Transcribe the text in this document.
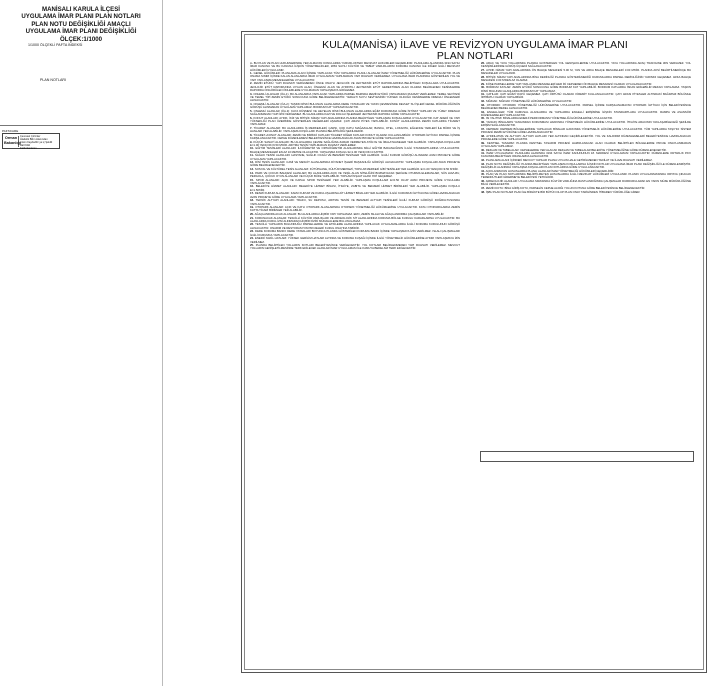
MANİSALI KARULA İLÇESİ
UYGULAMA İMAR PLANI PLAN NOTLARI
PLAN NOTU DEĞİŞİKLİĞİ AMAÇLI
UYGULAMA İMAR PLANI DEĞİŞİKLİĞİ
ÖLÇEK:1/1000
1/1000 ÖLÇEKLİ PAFTA İNDEKSİ
PLAN NOTLARI
PAFTA/ARE
Orman Bakanlığı
Çevresel Çizimler
Aladelik Bilim Alanından
Cisim Kaydedilir ya iç Şekilli
Bal Kilidi
Kaldırılanlarım
KULA(MANİSA) İLAVE VE REVİZYON UYGULAMA İMAR PLANI
PLAN NOTLARI

A- BU PLAN VE PLAN HÜKÜMLERİNDE YER ALMAYAN KONULARDA YÜRÜRLÜKTEKİ MEVZUAT HÜKÜMLERİ GEÇERLİDİR. PLANLAMA ALANINDA 3194 SAYILI İMAR KANUNU VE BU KANUNA İLİŞKİN YÖNETMELİKLER, 2863 SAYILI KÜLTÜR VE TABİAT VARLIKLARINI KORUMA KANUNU İLE DİĞER İLGİLİ MEVZUAT HÜKÜMLERİ UYGULANIR.

1- GENEL HÜKÜMLER: PLANLAMA ALANI İÇİNDE YAPILACAK TÜM YAPILARDA PLANLI ALANLAR İMAR YÖNETMELİĞİ HÜKÜMLERİNE UYULACAKTIR. PLAN ONAMA SINIRI İÇİNDE KALAN ALANLARDA İMAR UYGULAMASI YAPILMADAN YAPI RUHSATI VERİLEMEZ. UYGULAMA İMAR PLANINDA GÖSTERİLEN YOL VE YAPI YAKLAŞMA MESAFELERİNE UYULACAKTIR.

2- ZEMİN ETÜDÜ: YAPI RUHSATI VERİLMEDEN ÖNCE ONAYLI JEOLOJİK VE JEOTEKNİK ETÜT RAPORLARINDA BELİRTİLEN KOŞULLARA UYULACAKTIR. JEOLOJİK ETÜT RAPORUNDA UYGUN ALAN, ÖNLEMLİ ALAN VE AYRINTILI JEOTEKNİK ETÜT GEREKTİREN ALAN OLARAK BELİRLENEN KESİMLERDE RAPORDA ÖNGÖRÜLEN ÖNLEMLERE UYULMADAN YAPILAŞMAYA GİDİLEMEZ.

3- ONLEMLİ ALANLAR (ÖA-1): BU ALANLARDA YAPILACAK YAPILARDA PARSEL BAZINDA ZEMİN ETÜDÜ YAPILMADAN RUHSAT VERİLEMEZ. TEMEL SEVİYESİ VE TEMEL TİPİ ZEMİN ETÜDÜ SONUCUNA GÖRE BELİRLENECEKTİR. YERALTI SUYU SEVİYESİNİN YÜKSEK OLDUĞU KESİMLERDE DRENAJ ÖNLEMLERİ ALINACAKTIR.

4- ONLEMLİ ALANLAR (ÖA-2): TAŞKIN RİSKİ BULUNAN ALANLARDA DERE YATAKLARI VE YAKIN ÇEVRESİNDE DEVLET SU İŞLERİ GENEL MÜDÜRLÜĞÜNÜN GÖRÜŞÜ ALINMADAN UYGULAMA YAPILAMAZ. BODRUM KAT YAPILMAYACAKTIR.

5- ONLEMLİ ALANLAR (ÖA-3): KAYA DÜŞMESİ VE HEYELAN RİSKİ BULUNAN ALANLARDA EĞİM DURUMUNA GÖRE İSTİNAT YAPILARI VE YÜZEY DRENAJI SAĞLANMADAN YAPI İZNİ VERİLEMEZ. BU ALANLARDA KAZI VE DOLGU İŞLEMLERİ JEOTEKNİK RAPORA GÖRE YAPILACAKTIR.

6- KONUT ALANLARI: AYRIK, İKİZ VE BİTİŞİK NİZAM YAPI ADALARINDA PLANDA BELİRTİLEN YAPILAŞMA KOŞULLARINA UYULACAKTIR. KAT ADEDİ VE YAPI YÜKSEKLİĞİ PLAN ÜZERİNDE GÖSTERİLEN DEĞERLERİ AŞAMAZ. ÇATI ARASI PİYES YAPILABİLİR. KONUT ALANLARINDA ZEMİN KATLARDA TİCARET YAPILAMAZ.

7- TİCARET ALANLARI: BU ALANLARDA İŞ MERKEZLERİ, ÇARŞI, ÇOK KATLI MAĞAZALAR, BANKA, OTEL, LOKANTA, EĞLENCE YERLERİ İLE BÜRO VE İŞ HANLARI YER ALABİLİR. YAPILAŞMA KOŞULLARI PLANDA BELİRTİLDİĞİ ŞEKİLDEDİR.

8- TİCARET+KONUT ALANLARI: ZEMİN VE BİRİNCİ KATLARI TİCARET DİĞER KATLARI KONUT OLARAK KULLANILABİLİR. OTOPARK İHTİYACI PARSEL İÇİNDE KARŞILANACAKTIR. CEPHE DÜZENLEMESİ BELEDİYESİNCE HAZIRLANACAK AVAN PROJEYE GÖRE YAPILACAKTIR.

9- KÜÇÜK SANAYİ ALANLARI: BU ALANLARDA ÇEVRE SAĞLIĞINA ZARAR VERMEYEN ATÖLYE VE İMALATHANELER YER ALABİLİR. YAPILAŞMA KOŞULLARI E=1.00 YENÇOK=9.50 M'DİR. ARITMA TESİSİ YAPILMADAN RUHSAT VERİLEMEZ.

10- EĞİTİM TESİSLERİ ALANLARI: İLKÖĞRETİM VE ORTAÖĞRETİM ALANLARINDA MİLLİ EĞİTİM BAKANLIĞININ İLGİLİ STANDARTLARINA UYULACAKTIR. BAHÇE MESAFELERİ EN AZ 10 METRE OLACAKTIR. YAPILAŞMA KOŞULU E=1.00 YENÇOK=4 KATTIR.

11- SAĞLIK TESİSİ ALANLARI: HASTANE, SAĞLIK OCAĞI VE BENZERİ TESİSLER YER ALABİLİR. İLGİLİ KURUM GÖRÜŞÜ ALINARAK AVAN PROJEYE GÖRE UYGULAMA YAPILACAKTIR.

12- DİNİ TESİS ALANLARI: CAMİ VE MESCİT ALANLARINDA DİYANET İŞLERİ BAŞKANLIĞI GÖRÜŞÜ ALINACAKTIR. YAPILAŞMA KOŞULLARI AVAN PROJEYE GÖRE BELİRLENECEKTİR.

13- SOSYAL VE KÜLTÜREL TESİS ALANLARI: KÜTÜPHANE, KÜLTÜR MERKEZİ, TOPLUM MERKEZİ GİBİ TESİSLER YER ALABİLİR. E=1.00 YENÇOK=9.50 M'DİR.

14- PARK VE ÇOCUK BAHÇESİ ALANLARI: BU ALANLARDA AÇIK VE YEŞİL ALAN NİTELİĞİNİ BOZMAYACAK ŞEKİLDE OTURMA ELEMANLARI, SÜS HAVUZU, PERGOLA, ÇOCUK OYUN ALANLARI VE KÜÇÜK BÜFE YAPILABİLİR. TOPLAM İNŞAAT ALANI %5'İ GEÇEMEZ.

15- SPOR ALANLARI: AÇIK VE KAPALI SPOR TESİSLERİ YER ALABİLİR. YAPILAŞMA KOŞULLARI E=0.50 OLUP AVAN PROJEYE GÖRE UYGULAMA YAPILACAKTIR.

16- BELEDİYE HİZMET ALANLARI: BELEDİYE HİZMET BİNASI, İTFAİYE, ZABITA VE BENZERİ HİZMET BİRİMLERİ YER ALABİLİR. YAPILAŞMA KOŞULU E=1.50'DİR.

17- RESMİ KURUM ALANLARI: KAMU KURUM VE KURULUŞLARINA AİT HİZMET BİNALARI YER ALABİLİR. İLGİLİ KURUMUN İHTİYACINA GÖRE HAZIRLANACAK AVAN PROJEYE GÖRE UYGULAMA YAPILACAKTIR.

18- TEKNİK ALTYAPI ALANLARI: TRAFO, SU DEPOSU, ARITMA TESİSİ VE BENZERİ ALTYAPI TESİSLERİ İLGİLİ KURUM GÖRÜŞÜ DOĞRULTUSUNDA YAPILACAKTIR.

19- OTOPARK ALANLARI: AÇIK VE KATLI OTOPARK ALANLARINDA OTOPARK YÖNETMELİĞİ HÜKÜMLERİNE UYULACAKTIR. KATLI OTOPARKLARDA ZEMİN KATTA TİCARİ BİRİMLER YER ALABİLİR.

20- AĞAÇLANDIRILACAK ALANLAR: BU ALANLARDA HİÇBİR YAPI YAPILAMAZ. ERO, ZEMİN ISLAHI VE AĞAÇLANDIRMA ÇALIŞMALARI YAPILABİLİR.

21- KORUNACAK ALANLAR: TESCİLLİ KÜLTÜR VARLIKLARI VE ARKEOLOJİK SİT ALANLARINDA KORUMA BÖLGE KURULU KARARLARINA UYULACAKTIR. BU ALANLARDA KURUL İZNİ ALINMADAN HİÇBİR FİZİKİ MÜDAHALEDE BULUNULAMAZ.

22- TESCİLLİ YAPILARIN BULUNDUĞU PARSELLERDE VE ETKİLEME ALANLARINDA YAPILACAK UYGULAMALARDA İLGİLİ KORUMA KURULUNUN GÖRÜŞÜ ALINACAKTIR. ONARIM VE RESTORASYON PROJELERİ KURUL ONAYINA TABİDİR.

23- DERE KORUMA BANDI: DERE YATAKLARI BOYUNCA PLANDA GÖSTERİLEN KORUMA BANDI İÇİNDE YAPILAŞMAYA İZİN VERİLMEZ. ISLAH ÇALIŞMALARI İLGİLİ KURUMCA YAPILACAKTIR.

24- ENERJİ NAKİL HATLARI: YÜKSEK GERİLİM HATLARI ALTINDA VE KORUMA KUŞAĞI İÇİNDE İLGİLİ YÖNETMELİK HÜKÜMLERİNE AYKIRI YAPILAŞMAYA İZİN VERİLMEZ.

25- PLANDA BELİRTİLEN YOLLARIN KOTLARI BELEDİYESİNCE VERİLECEKTİR. YOL KOTLARI BELİRLENMEDEN YAPI RUHSATI VERİLEMEZ. MEVCUT YOLLARIN GENİŞLETİLMESİNDE TERK EDİLECEK ALANLAR İMAR UYGULAMASI İLE KAMUYA BEDELSİZ TERK EDİLECEKTİR.

26- ARAÇ VE YAYA YOLLARINDA PLANDA GÖSTERİLEN YOL GENİŞLİKLERİNE UYULACAKTIR. YAYA YOLLARINDA ARAÇ TRAFİĞİNE İZİN VERİLMEZ. YOL KESİŞİMLERİNDE GÖRÜŞ ÜÇGENİ SAĞLANACAKTIR.

27- AYRIK NİZAM YAPI ADALARINDA ÖN BAHÇE MESAFESİ 5.00 M, YAN VE ARKA BAHÇE MESAFELERİ 3.00 M'DİR. PLANDA AKSİ BELİRTİLMEDİKÇE BU MESAFELER UYGULANIR.

28- BİTİŞİK NİZAM YAPI ADALARINDA BİNA DERİNLİĞİ PLANDA GÖSTERİLMEDİĞİ DURUMLARDA PARSEL DERİNLİĞİNİN YARISINI GEÇEMEZ. ARKA BAHÇE MESAFESİ 3.00 M'DEN AZ OLAMAZ.

29- KÖŞE PARSELLERDE YAPI YAKLAŞMA MESAFELERİ HER İKİ CEPHEDEN ÖN BAHÇE MESAFESİ OLARAK UYGULANACAKTIR.

30- BODRUM KATLAR: ZEMİN ETÜDÜ SONUCUNA GÖRE BODRUM KAT YAPILABİLİR. BODRUM KATLARDA İSKAN EDİLEBİLİR MEKAN YAPILAMAZ. TAŞKIN RİSKİ BULUNAN ALANLARDA BODRUM KAT YAPILAMAZ.

31- ÇATILAR: ÇATI EĞİMİ %33'Ü GEÇEMEZ. ÇATI ÖRTÜSÜ OLARAK KİREMİT KULLANILACAKTIR. ÇATI ARASI PİYESLER ALTINDAKİ BAĞIMSIZ BÖLÜMLE İRTİBATLI OLARAK YAPILABİLİR.

32- SIĞINAK: SIĞINAK YÖNETMELİĞİ HÜKÜMLERİNE UYULACAKTIR.

33- OTOPARK: OTOPARK YÖNETMELİĞİ HÜKÜMLERİNE UYULACAKTIR. PARSEL İÇİNDE KARŞILANAMAYAN OTOPARK İHTİYACI İÇİN BELEDİYESİNCE BELİRLENEN BEDEL ALINACAKTIR.

34- ENGELLİLER: TÜM KAMUSAL ALANLARDA VE YAPILARDA ENGELLİ ERİŞİMİNE İLİŞKİN STANDARTLARA UYULACAKTIR. RAMPA VE ASANSÖR DÜZENLEMELERİ YAPILACAKTIR.

35- ISI YALITIMI: BİNALARDA ENERJİ PERFORMANSI YÖNETMELİĞİ HÜKÜMLERİNE UYULACAKTIR.

36- YANGIN: BİNALARIN YANGINDAN KORUNMASI HAKKINDA YÖNETMELİK HÜKÜMLERİNE UYULACAKTIR. İTFAİYE ARACININ YAKLAŞABİLECEĞİ ŞEKİLDE ERİŞİM SAĞLANACAKTIR.

37- DEPREM: DEPREM BÖLGELERİNDE YAPILACAK BİNALAR HAKKINDA YÖNETMELİK HÜKÜMLERİNE UYULACAKTIR. TÜM YAPILARDA TAŞIYICI SİSTEM PROJESİ ZEMİN ETÜDÜNE GÖRE HAZIRLANACAKTIR.

38- AYDINLATMA VE ALTYAPI: ALTYAPI HATLARI YER ALTINDAN GEÇİRİLECEKTİR. YOL VE KALDIRIM DÜZENLEMELERİ BELEDİYESİNCE HAZIRLANACAK PROJELERE GÖRE YAPILACAKTIR.

39- KENTSEL TASARIM: PLANDA KENTSEL TASARIM PROJESİ HAZIRLANACAK ALAN OLARAK BELİRTİLEN BÖLGELERDE PROJE ONAYLANMADAN UYGULAMA YAPILAMAZ.

40- REKLAM VE TABELALAR: CEPHELERDE YER ALACAK REKLAM VE TABELALAR BELEDİYE YÖNETMELİĞİNE GÖRE DÜZENLENECEKTİR.

41- İMAR UYGULAMASI: PLANLAMA ALANINDA 3194 SAYILI İMAR KANUNUNUN 18. MADDESİ UYGULAMASI YAPILACAKTIR. DÜZENLEME ORTAKLIK PAYI KANUNDA BELİRTİLEN ORANLARDA ALINACAKTIR.

42- PLANLAMA ALANI İÇİNDEKİ MEVCUT YAPILAR PLANA UYGUN HALE GETİRİLMEDEN TADİLAT VE İLAVE RUHSATI VERİLEMEZ.

43- PLAN NOTU DEĞİŞİKLİĞİ: PLANDA BELİRTİLEN YAPILAŞMA KOŞULLARINA İLİŞKİN NOTLAR UYGULAMA İMAR PLANI DEĞİŞİKLİĞİ İLE DÜZENLENMİŞTİR. DEĞİŞİKLİK ALANINDA YAPILAŞMA KOŞULLARI PLAN NOTLARINA GÖRE UYGULANACAKTIR.

44- AÇIKLANMAYAN HUSUSLARDA PLANLI ALANLAR İMAR YÖNETMELİĞİ HÜKÜMLERİ GEÇERLİDİR.

45- PLAN VE PLAN NOTLARINDA BELİRTİLMEYEN HUSUSLARDA İLGİLİ MEVZUAT HÜKÜMLERİ UYGULANIR. PLANIN UYGULANMASINDA ORTAYA ÇIKACAK TEREDDÜTLERİ GİDERMEYE BELEDİYESİ YETKİLİDİR.

46- ARKEOLOJİK ALANLAR: UYGULAMA SIRASINDA KÜLTÜR VARLIĞINA RASTLANDIĞINDA ÇALIŞMALAR DURDURULARAK EN YAKIN MÜZE MÜDÜRLÜĞÜNE BİLGİ VERİLECEKTİR.

47- ZEMİN KOTU: BİNA GİRİŞ KOTU, PARSELİN CEPHE ALDIĞI YOLUN KOTUNA GÖRE BELEDİYESİNCE BELİRLENECEKTİR.

48- İŞBU PLAN NOTLARI PLAN İLE BİRLİKTE BİR BÜTÜN OLUP PLAN ONAY TARİHİNDEN İTİBAREN YÜRÜRLÜĞE GİRER.
